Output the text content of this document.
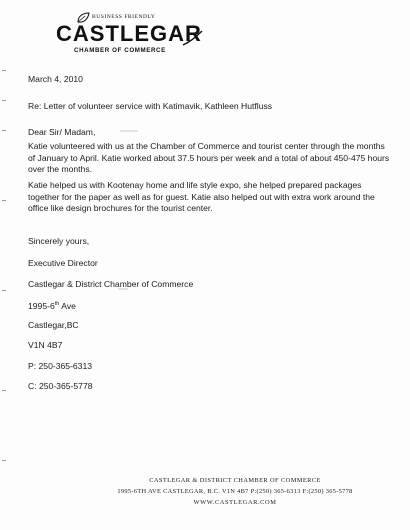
BUSINESS FRIENDLY
CASTLEGAR
CHAMBER OF COMMERCE
March 4, 2010
Re: Letter of volunteer service with Katimavik, Kathleen Hutfluss
Dear Sir/ Madam,
Katie volunteered with us at the Chamber of Commerce and tourist center through the months of January to April. Katie worked about 37.5 hours per week and a total of about 450-475 hours over the months.
Katie helped us with Kootenay home and life style expo, she helped prepared packages together for the paper as well as for guest. Katie also helped out with extra work around the office like design brochures for the tourist center.
Sincerely yours,
Executive Director
Castlegar & District Chamber of Commerce
1995-6th Ave
Castlegar,BC
V1N 4B7
P: 250-365-6313
C: 250-365-5778
CASTLEGAR & DISTRICT CHAMBER OF COMMERCE
1995-6TH AVE CASTLEGAR, B.C. V1N 4B7 P:(250) 365-6313 F:(250) 365-5778
WWW.CASTLEGAR.COM
